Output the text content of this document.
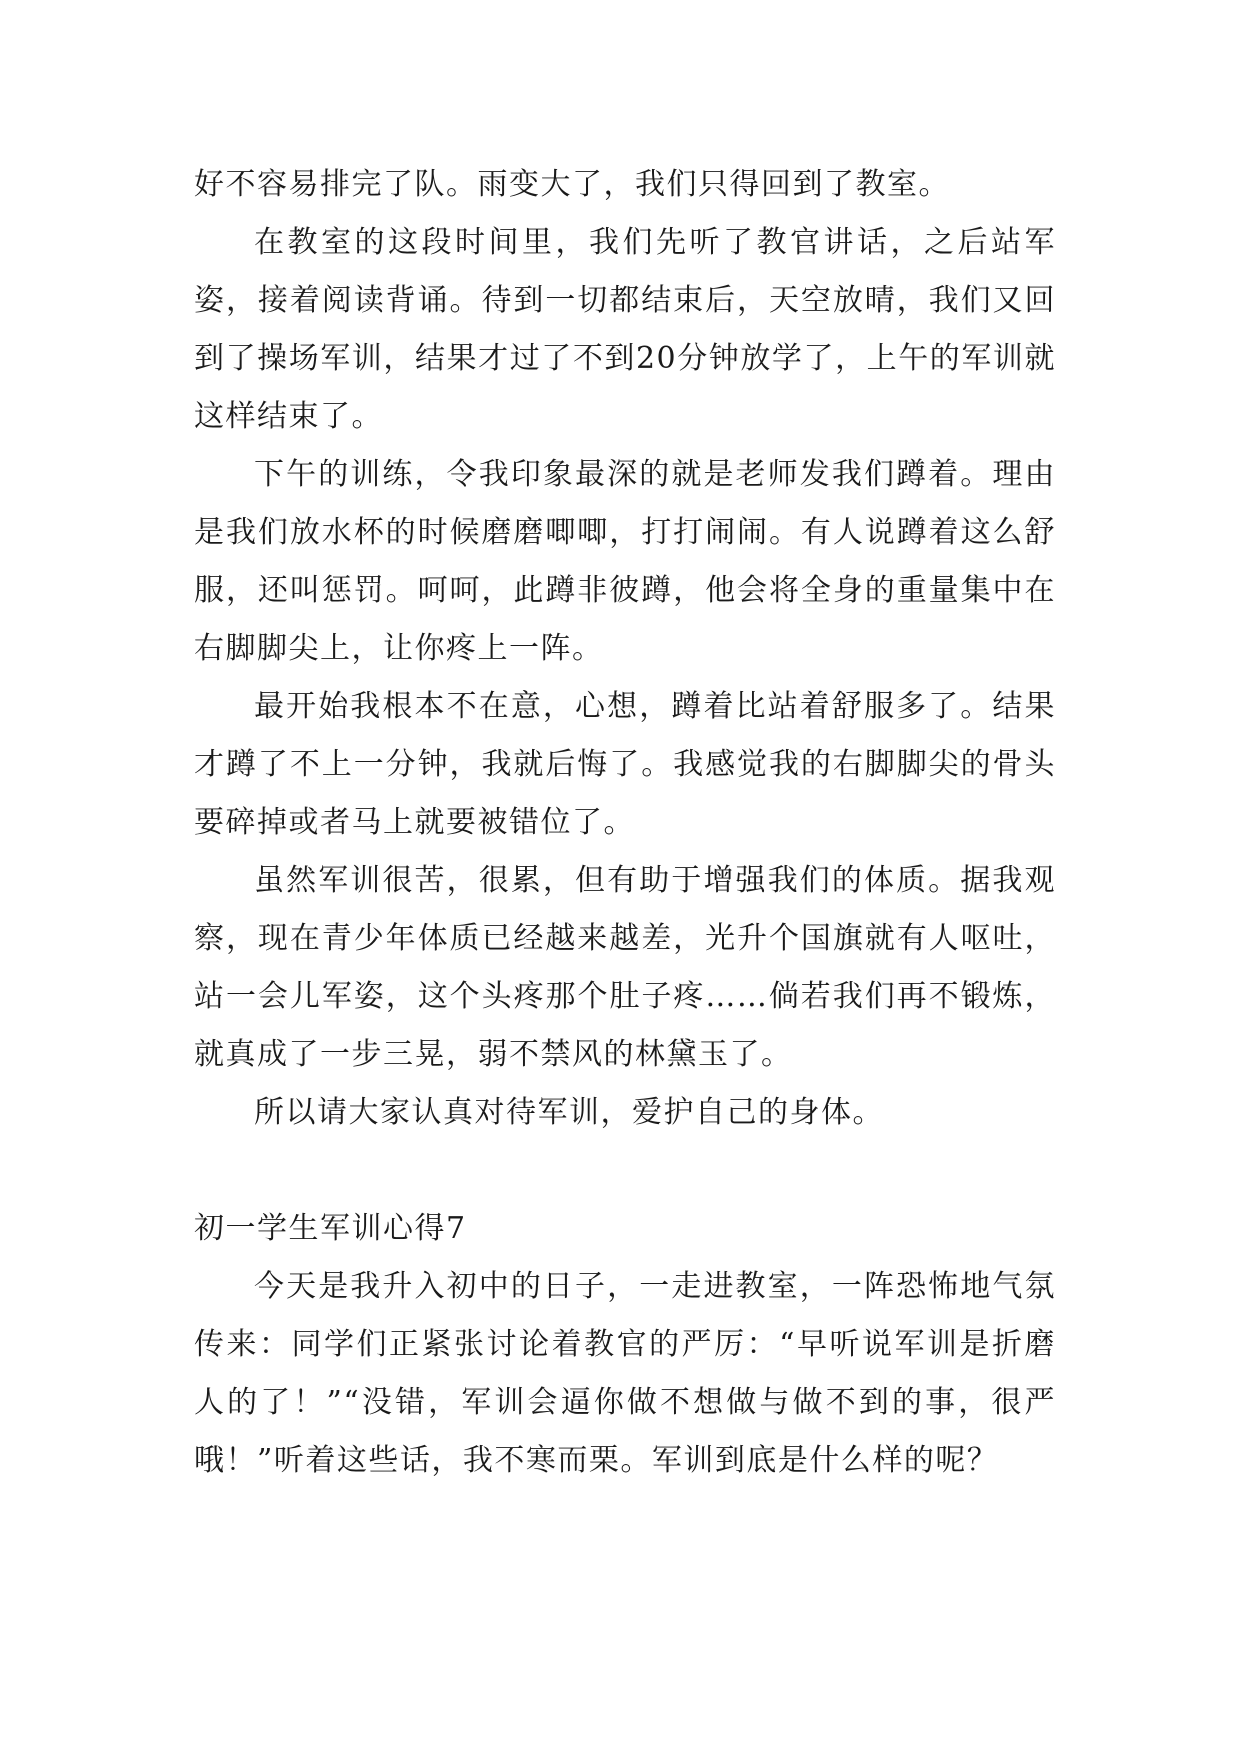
好不容易排完了队。雨变大了，我们只得回到了教室。

在教室的这段时间里，我们先听了教官讲话，之后站军姿，接着阅读背诵。待到一切都结束后，天空放晴，我们又回到了操场军训，结果才过了不到20分钟放学了，上午的军训就这样结束了。

下午的训练，令我印象最深的就是老师发我们蹲着。理由是我们放水杯的时候磨磨唧唧，打打闹闹。有人说蹲着这么舒服，还叫惩罚。呵呵，此蹲非彼蹲，他会将全身的重量集中在右脚脚尖上，让你疼上一阵。

最开始我根本不在意，心想，蹲着比站着舒服多了。结果才蹲了不上一分钟，我就后悔了。我感觉我的右脚脚尖的骨头要碎掉或者马上就要被错位了。

虽然军训很苦，很累，但有助于增强我们的体质。据我观察，现在青少年体质已经越来越差，光升个国旗就有人呕吐，站一会儿军姿，这个头疼那个肚子疼……倘若我们再不锻炼，就真成了一步三晃，弱不禁风的林黛玉了。

所以请大家认真对待军训，爱护自己的身体。

初一学生军训心得7

今天是我升入初中的日子，一走进教室，一阵恐怖地气氛传来：同学们正紧张讨论着教官的严厉：“早听说军训是折磨人的了！”“没错，军训会逼你做不想做与做不到的事，很严哦！”听着这些话，我不寒而栗。军训到底是什么样的呢？
